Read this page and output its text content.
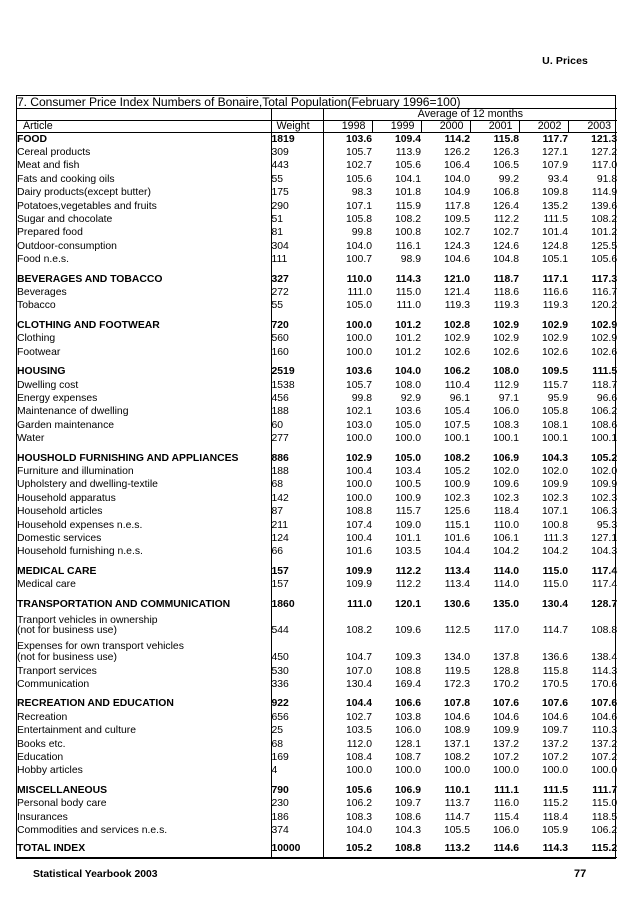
U. Prices
7. Consumer Price Index Numbers of Bonaire,Total Population(February 1996=100)							
		Average of 12 months					
Article	Weight	1998	1999	2000	2001	2002	2003
FOOD	1819	103.6	109.4	114.2	115.8	117.7	121.3
Cereal products	309	105.7	113.9	126.2	126.3	127.1	127.2
Meat and fish	443	102.7	105.6	106.4	106.5	107.9	117.0
Fats and cooking oils	55	105.6	104.1	104.0	99.2	93.4	91.8
Dairy products(except butter)	175	98.3	101.8	104.9	106.8	109.8	114.9
Potatoes,vegetables and fruits	290	107.1	115.9	117.8	126.4	135.2	139.6
Sugar and chocolate	51	105.8	108.2	109.5	112.2	111.5	108.2
Prepared food	81	99.8	100.8	102.7	102.7	101.4	101.2
Outdoor-consumption	304	104.0	116.1	124.3	124.6	124.8	125.5
Food n.e.s.	111	100.7	98.9	104.6	104.8	105.1	105.6
BEVERAGES AND TOBACCO	327	110.0	114.3	121.0	118.7	117.1	117.3
Beverages	272	111.0	115.0	121.4	118.6	116.6	116.7
Tobacco	55	105.0	111.0	119.3	119.3	119.3	120.2
CLOTHING AND FOOTWEAR	720	100.0	101.2	102.8	102.9	102.9	102.9
Clothing	560	100.0	101.2	102.9	102.9	102.9	102.9
Footwear	160	100.0	101.2	102.6	102.6	102.6	102.6
HOUSING	2519	103.6	104.0	106.2	108.0	109.5	111.5
Dwelling cost	1538	105.7	108.0	110.4	112.9	115.7	118.7
Energy expenses	456	99.8	92.9	96.1	97.1	95.9	96.6
Maintenance of dwelling	188	102.1	103.6	105.4	106.0	105.8	106.2
Garden maintenance	60	103.0	105.0	107.5	108.3	108.1	108.6
Water	277	100.0	100.0	100.1	100.1	100.1	100.1
HOUSHOLD FURNISHING AND APPLIANCES	886	102.9	105.0	108.2	106.9	104.3	105.2
Furniture and illumination	188	100.4	103.4	105.2	102.0	102.0	102.0
Upholstery and dwelling-textile	68	100.0	100.5	100.9	109.6	109.9	109.9
Household apparatus	142	100.0	100.9	102.3	102.3	102.3	102.3
Household articles	87	108.8	115.7	125.6	118.4	107.1	106.3
Household expenses n.e.s.	211	107.4	109.0	115.1	110.0	100.8	95.3
Domestic services	124	100.4	101.1	101.6	106.1	111.3	127.1
Household furnishing n.e.s.	66	101.6	103.5	104.4	104.2	104.2	104.3
MEDICAL CARE	157	109.9	112.2	113.4	114.0	115.0	117.4
Medical care	157	109.9	112.2	113.4	114.0	115.0	117.4
TRANSPORTATION AND COMMUNICATION	1860	111.0	120.1	130.6	135.0	130.4	128.7
Tranport vehicles in ownership							
(not for business use)	544	108.2	109.6	112.5	117.0	114.7	108.8
Expenses for own transport vehicles							
(not for business use)	450	104.7	109.3	134.0	137.8	136.6	138.4
Tranport services	530	107.0	108.8	119.5	128.8	115.8	114.3
Communication	336	130.4	169.4	172.3	170.2	170.5	170.6
RECREATION AND EDUCATION	922	104.4	106.6	107.8	107.6	107.6	107.6
Recreation	656	102.7	103.8	104.6	104.6	104.6	104.6
Entertainment and culture	25	103.5	106.0	108.9	109.9	109.7	110.3
Books etc.	68	112.0	128.1	137.1	137.2	137.2	137.2
Education	169	108.4	108.7	108.2	107.2	107.2	107.2
Hobby articles	4	100.0	100.0	100.0	100.0	100.0	100.0
MISCELLANEOUS	790	105.6	106.9	110.1	111.1	111.5	111.7
Personal body care	230	106.2	109.7	113.7	116.0	115.2	115.0
Insurances	186	108.3	108.6	114.7	115.4	118.4	118.5
Commodities and services n.e.s.	374	104.0	104.3	105.5	106.0	105.9	106.2
TOTAL INDEX	10000	105.2	108.8	113.2	114.6	114.3	115.2
Statistical Yearbook 2003	77
